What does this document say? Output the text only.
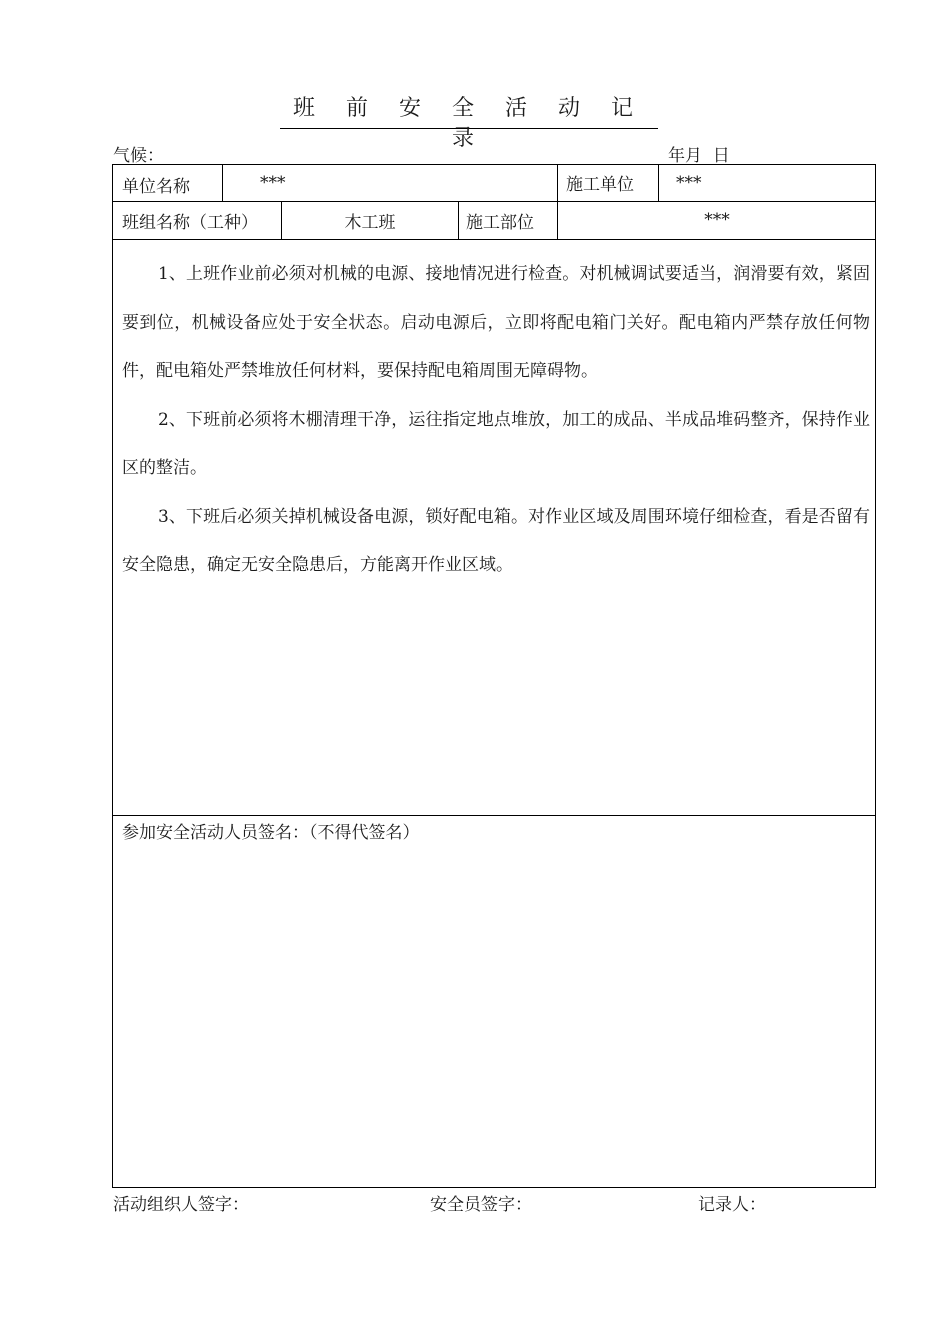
班 前 安 全 活 动 记 录
气候：	年月  日
单位名称	***	施工单位 ***
班组名称（工种）	木工班	施工部位	***

1、上班作业前必须对机械的电源、接地情况进行检查。对机械调试要适当，润滑要有效，紧固要到位，机械设备应处于安全状态。启动电源后，立即将配电箱门关好。配电箱内严禁存放任何物件，配电箱处严禁堆放任何材料，要保持配电箱周围无障碍物。

2、下班前必须将木棚清理干净，运往指定地点堆放，加工的成品、半成品堆码整齐，保持作业区的整洁。

3、下班后必须关掉机械设备电源，锁好配电箱。对作业区域及周围环境仔细检查，看是否留有安全隐患，确定无安全隐患后，方能离开作业区域。

参加安全活动人员签名：（不得代签名）
活动组织人签字：	安全员签字：	记录人：
